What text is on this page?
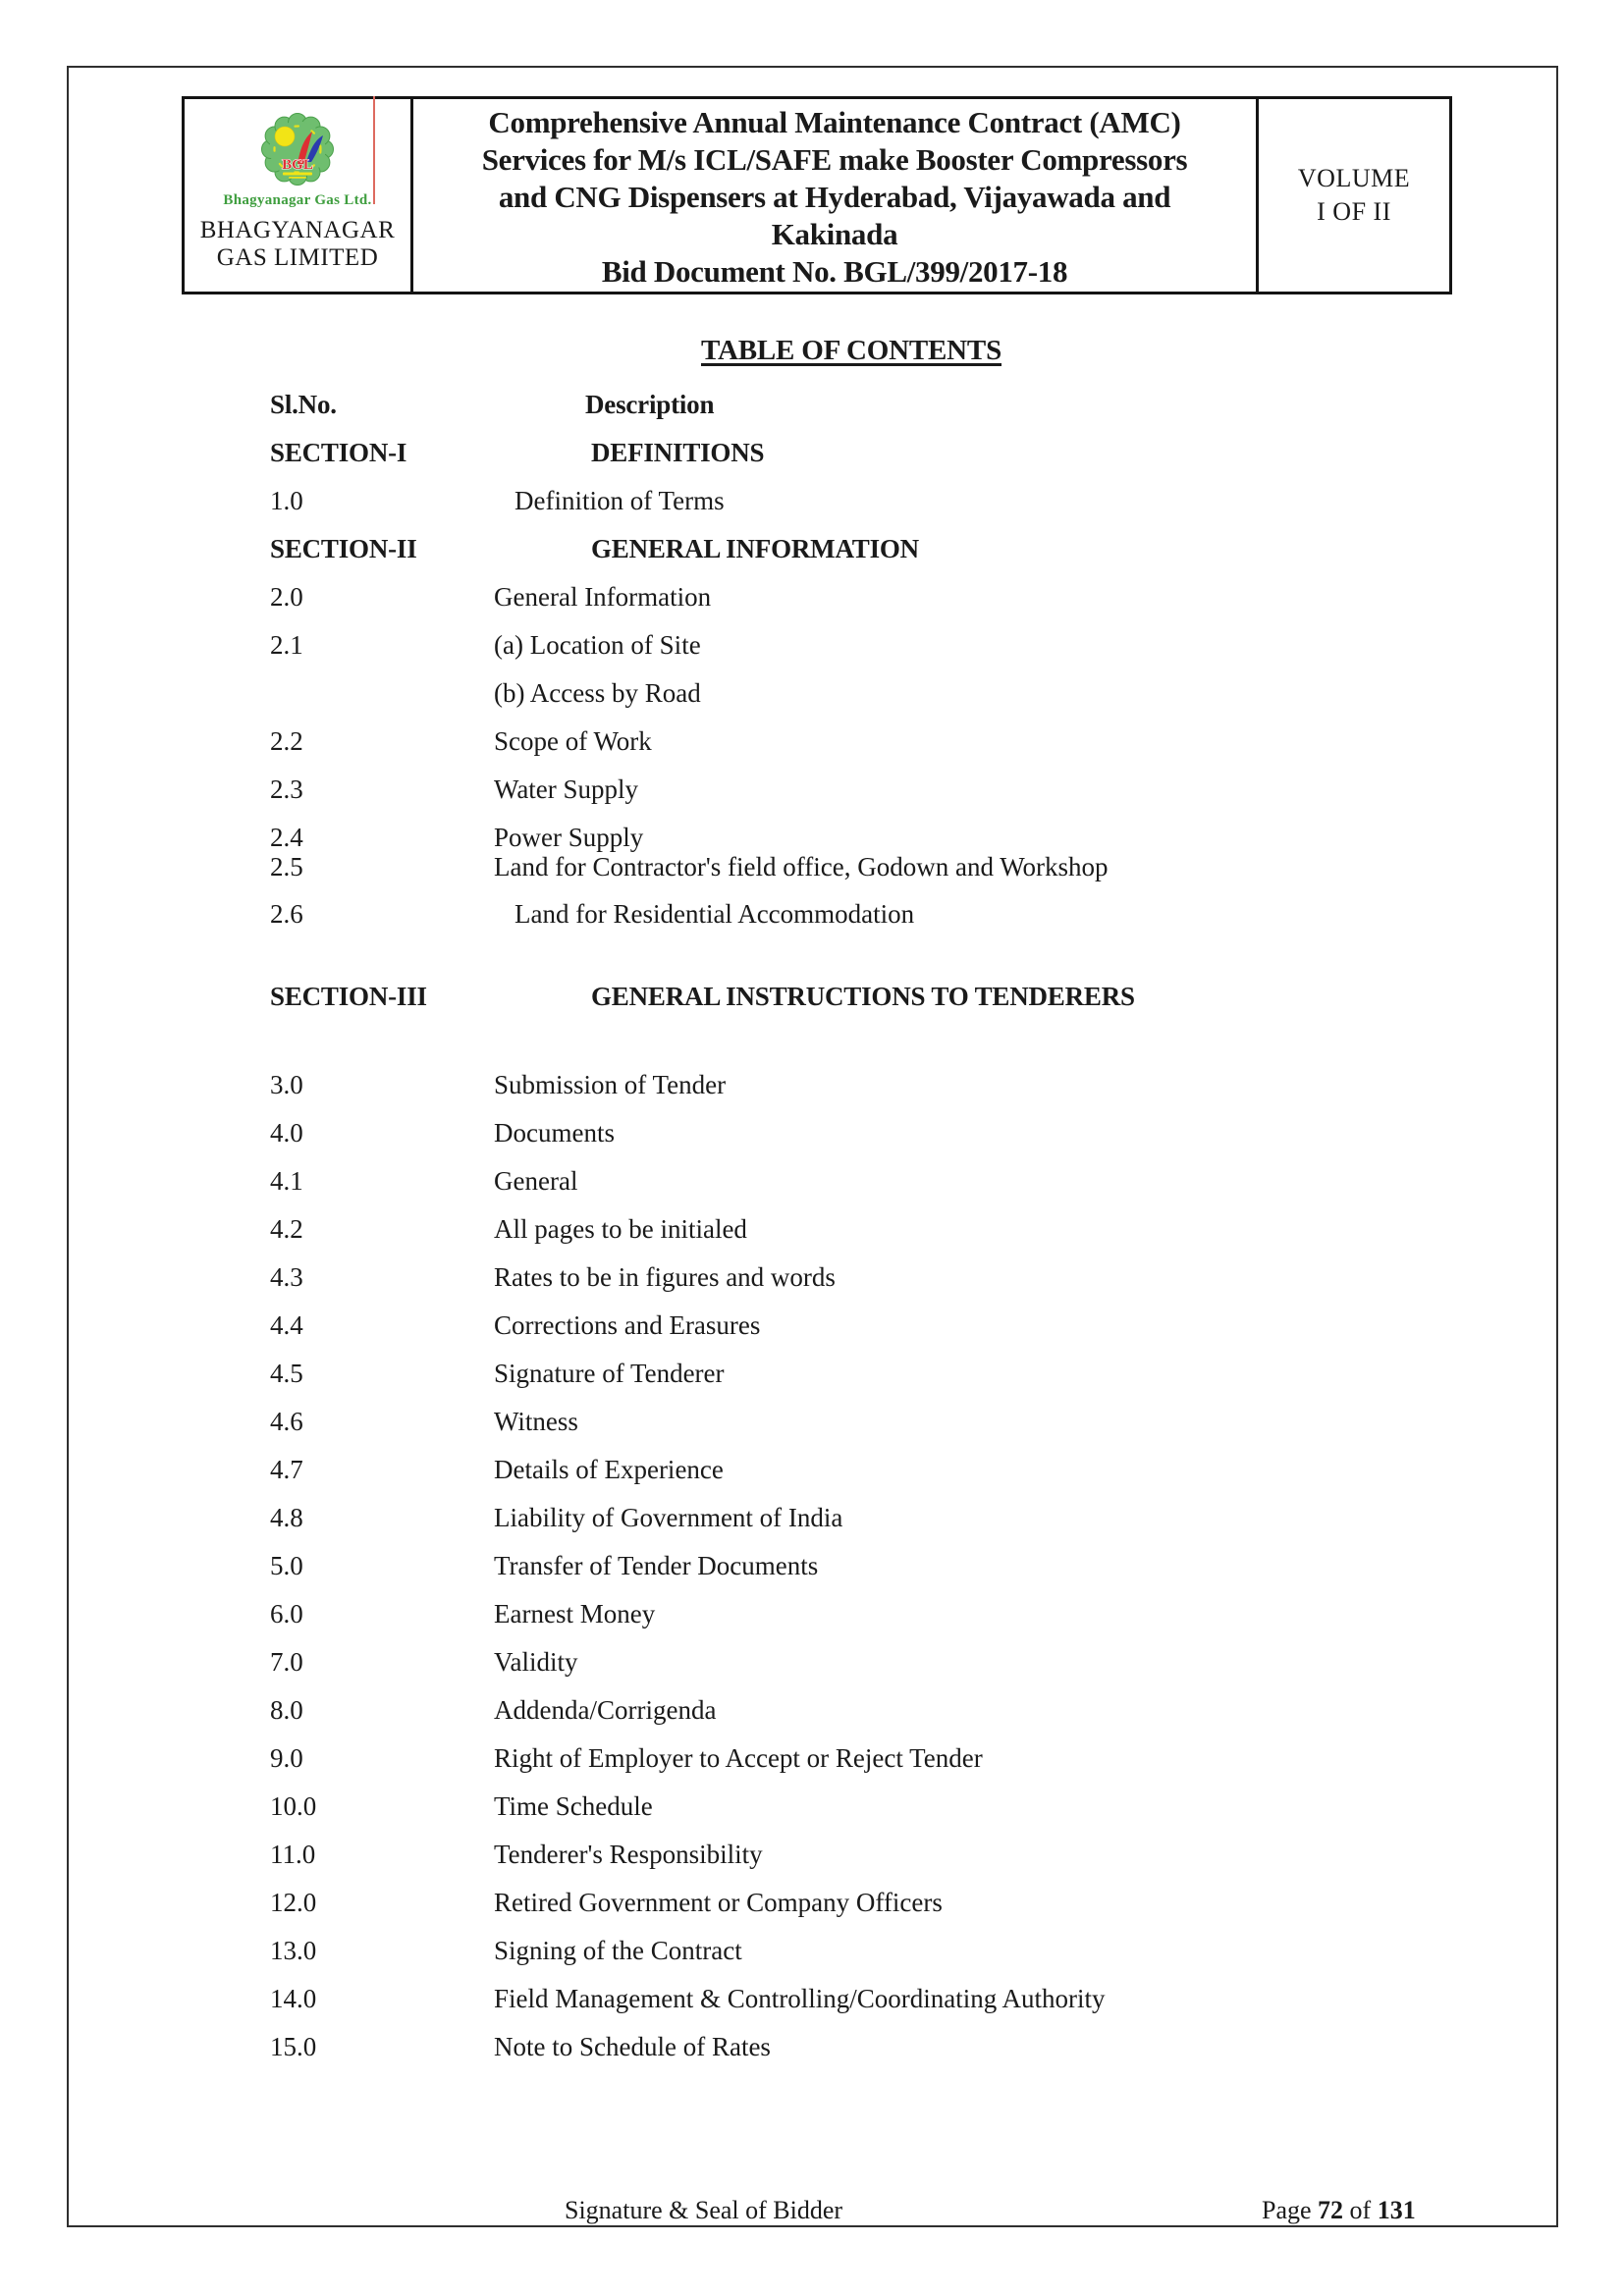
BGL
Bhagyanagar Gas Ltd.
BHAGYANAGAR
GAS LIMITED
Comprehensive Annual Maintenance Contract (AMC)
Services for M/s ICL/SAFE make Booster Compressors
and CNG Dispensers at Hyderabad, Vijayawada and
Kakinada
Bid Document No. BGL/399/2017-18
VOLUME
I OF II
TABLE OF CONTENTS
Sl.No.	Description
SECTION-I	DEFINITIONS
1.0	Definition of Terms
SECTION-II	GENERAL INFORMATION
2.0	General Information
2.1	(a) Location of Site
(b) Access by Road
2.2	Scope of Work
2.3	Water Supply
2.4	Power Supply
2.5	Land for Contractor's field office, Godown and Workshop
2.6	Land for Residential Accommodation
SECTION-III	GENERAL INSTRUCTIONS TO TENDERERS
3.0	Submission of Tender
4.0	Documents
4.1	General
4.2	All pages to be initialed
4.3	Rates to be in figures and words
4.4	Corrections and Erasures
4.5	Signature of Tenderer
4.6	Witness
4.7	Details of Experience
4.8	Liability of Government of India
5.0	Transfer of Tender Documents
6.0	Earnest Money
7.0	Validity
8.0	Addenda/Corrigenda
9.0	Right of Employer to Accept or Reject Tender
10.0	Time Schedule
11.0	Tenderer's Responsibility
12.0	Retired Government or Company Officers
13.0	Signing of the Contract
14.0	Field Management & Controlling/Coordinating Authority
15.0	Note to Schedule of Rates
Signature & Seal of Bidder	Page 72 of 131
